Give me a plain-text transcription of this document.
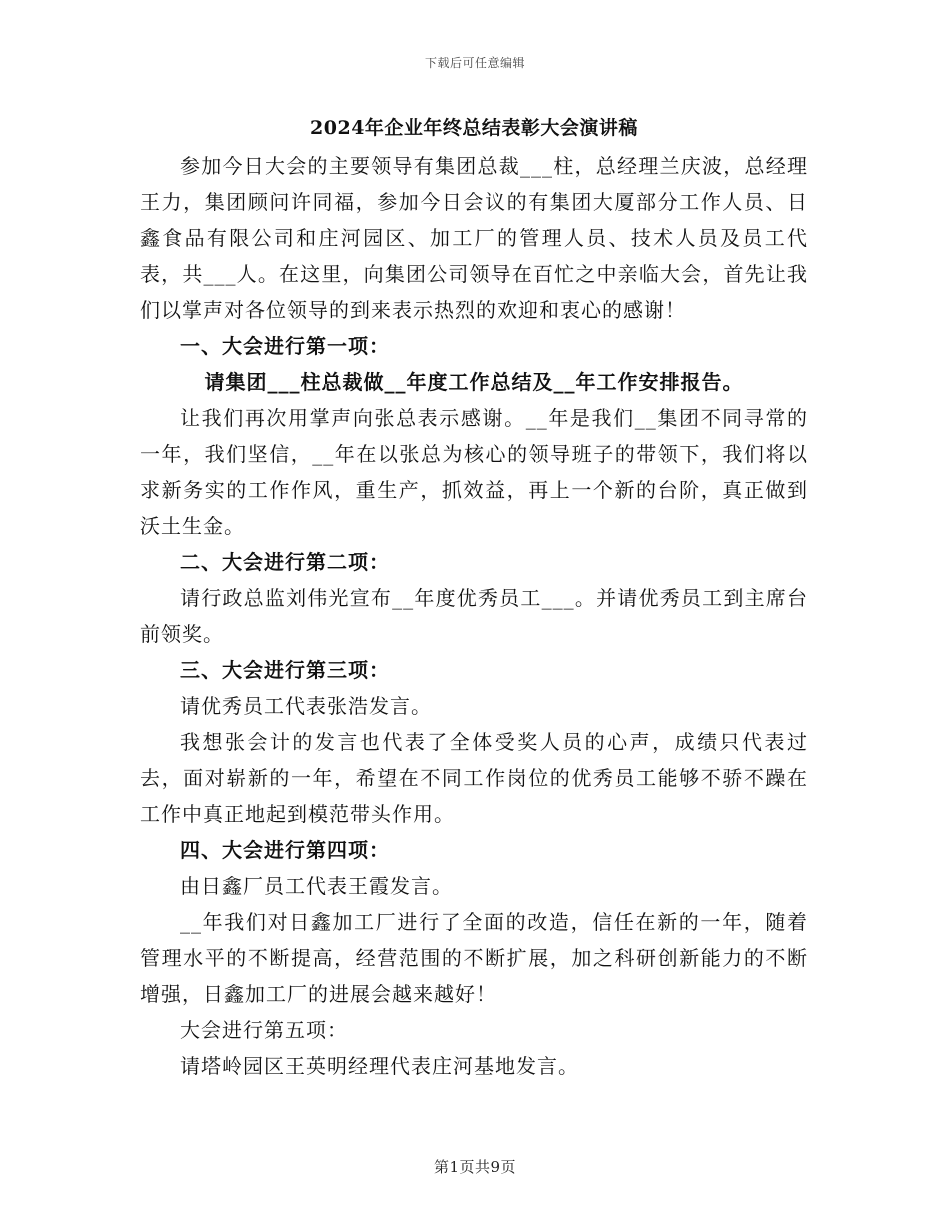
下载后可任意编辑
2024年企业年终总结表彰大会演讲稿

参加今日大会的主要领导有集团总裁___柱，总经理兰庆波，总经理王力，集团顾问许同福，参加今日会议的有集团大厦部分工作人员、日鑫食品有限公司和庄河园区、加工厂的管理人员、技术人员及员工代表，共___人。在这里，向集团公司领导在百忙之中亲临大会，首先让我们以掌声对各位领导的到来表示热烈的欢迎和衷心的感谢！

一、大会进行第一项：
请集团___柱总裁做__年度工作总结及__年工作安排报告。

让我们再次用掌声向张总表示感谢。__年是我们__集团不同寻常的一年，我们坚信，__年在以张总为核心的领导班子的带领下，我们将以求新务实的工作作风，重生产，抓效益，再上一个新的台阶，真正做到沃土生金。

二、大会进行第二项：

请行政总监刘伟光宣布__年度优秀员工___。并请优秀员工到主席台前领奖。

三、大会进行第三项：

请优秀员工代表张浩发言。

我想张会计的发言也代表了全体受奖人员的心声，成绩只代表过去，面对崭新的一年，希望在不同工作岗位的优秀员工能够不骄不躁在工作中真正地起到模范带头作用。

四、大会进行第四项：

由日鑫厂员工代表王霞发言。

__年我们对日鑫加工厂进行了全面的改造，信任在新的一年，随着管理水平的不断提高，经营范围的不断扩展，加之科研创新能力的不断增强，日鑫加工厂的进展会越来越好！

大会进行第五项：

请塔岭园区王英明经理代表庄河基地发言。

第1页共9页
